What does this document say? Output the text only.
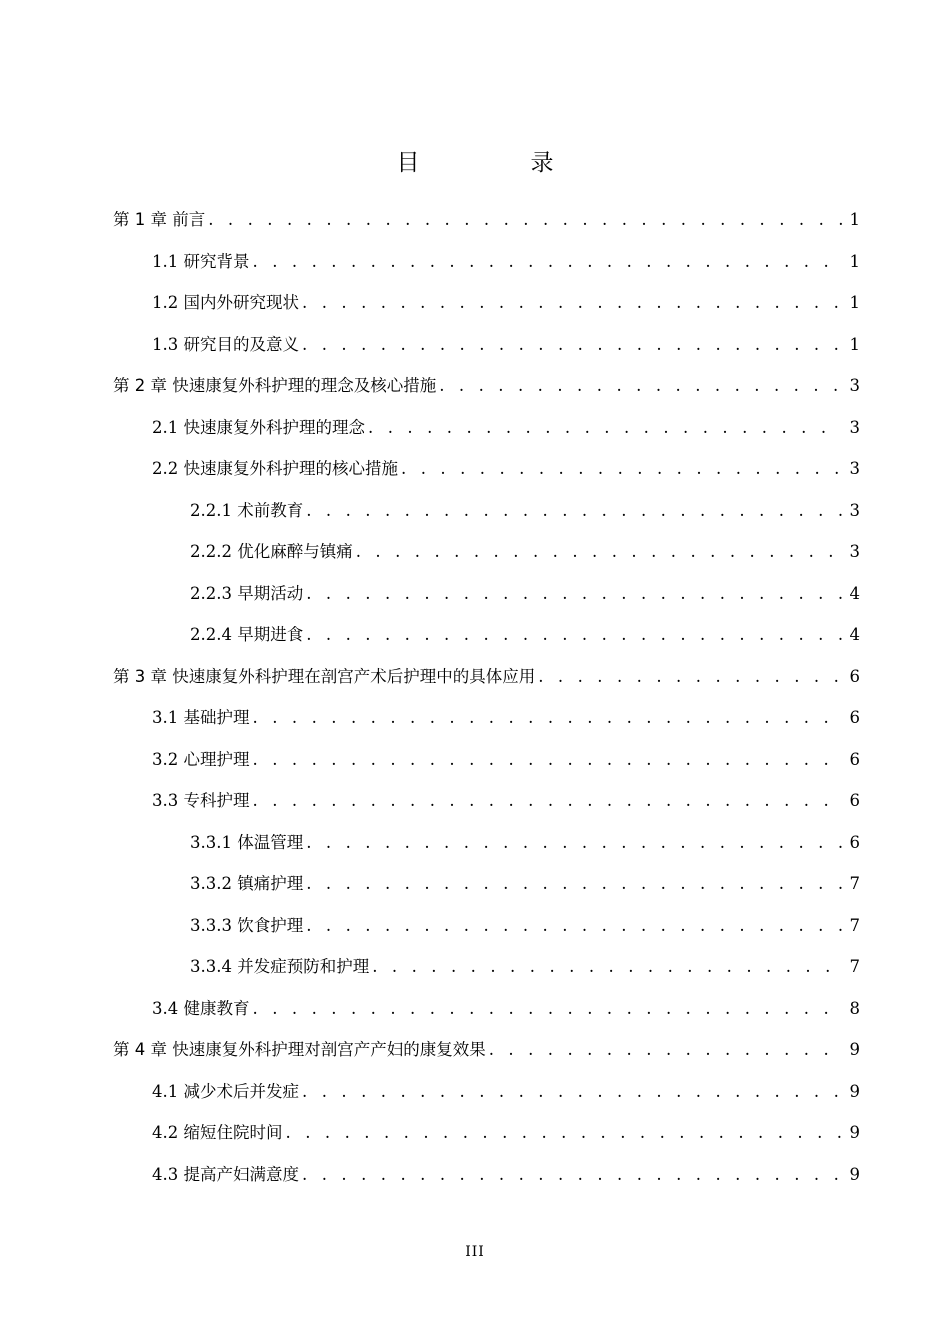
目　录
第 1 章 前言 . . .	1
1.1 研究背景 . . .	1
1.2 国内外研究现状 . . .	1
1.3 研究目的及意义 . . .	1
第 2 章 快速康复外科护理的理念及核心措施 . . .	3
2.1 快速康复外科护理的理念 . . .	3
2.2 快速康复外科护理的核心措施 . . .	3
2.2.1 术前教育 . . .	3
2.2.2 优化麻醉与镇痛 . . .	3
2.2.3 早期活动 . . .	4
2.2.4 早期进食 . . .	4
第 3 章 快速康复外科护理在剖宫产术后护理中的具体应用 . . .	6
3.1 基础护理 . . .	6
3.2 心理护理 . . .	6
3.3 专科护理 . . .	6
3.3.1 体温管理 . . .	6
3.3.2 镇痛护理 . . .	7
3.3.3 饮食护理 . . .	7
3.3.4 并发症预防和护理 . . .	7
3.4 健康教育 . . .	8
第 4 章 快速康复外科护理对剖宫产产妇的康复效果 . . .	9
4.1 减少术后并发症 . . .	9
4.2 缩短住院时间 . . .	9
4.3 提高产妇满意度 . . .	9
III
